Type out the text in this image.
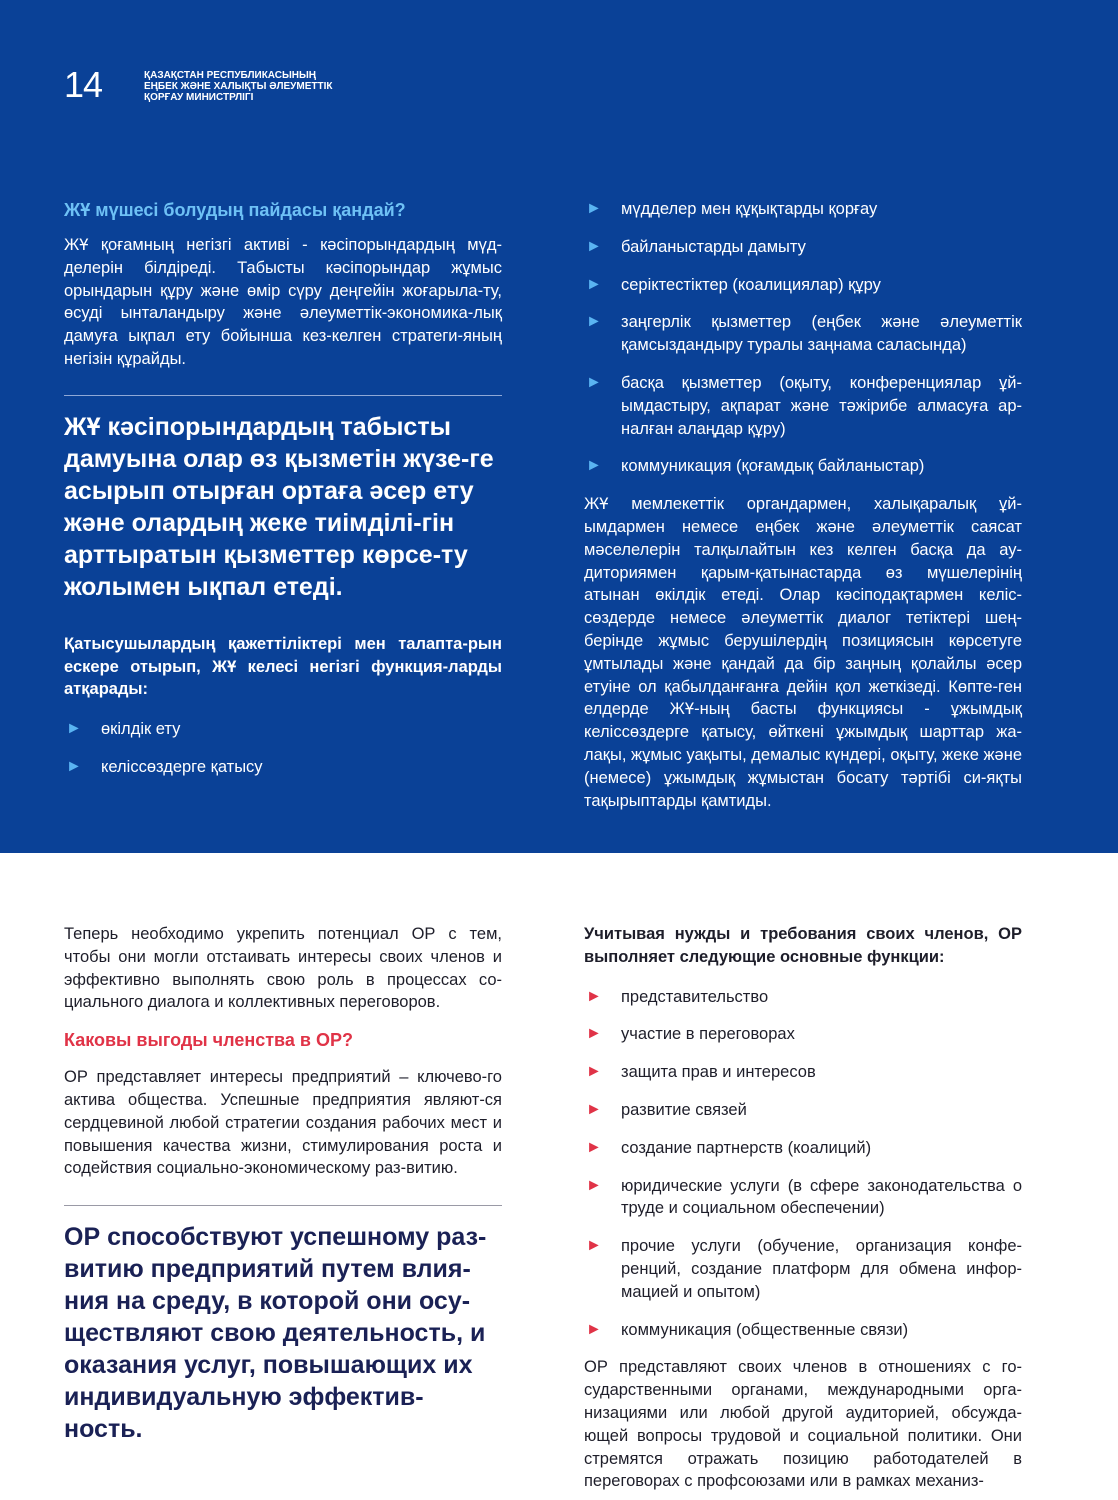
14	ҚАЗАҚСТАН РЕСПУБЛИКАСЫНЫҢ
ЕҢБЕК ЖӘНЕ ХАЛЫҚТЫ ӘЛЕУМЕТТІК
ҚОРҒАУ МИНИСТРЛІГІ
ЖҰ мүшесі болудың пайдасы қандай?

ЖҰ қоғамның негізгі активі - кәсіпорындардың мүд-делерін білдіреді. Табысты кәсіпорындар жұмыс орындарын құру және өмір сүру деңгейін жоғарыла-ту, өсуді ынталандыру және әлеуметтік-экономика-лық дамуға ықпал ету бойынша кез-келген стратеги-яның негізін құрайды.

ЖҰ кәсіпорындардың табысты дамуына олар өз қызметін жүзе-ге асырып отырған ортаға әсер ету және олардың жеке тиімділі-гін арттыратын қызметтер көрсе-ту жолымен ықпал етеді.

Қатысушылардың қажеттіліктері мен талапта-рын ескере отырып, ЖҰ келесі негізгі функция-ларды атқарады:

► өкілдік ету
► келіссөздерге қатысу
► мүдделер мен құқықтарды қорғау
► байланыстарды дамыту
► серіктестіктер (коалициялар) құру
► заңгерлік қызметтер (еңбек және әлеуметтік қамсыздандыру туралы заңнама саласында)
► басқа қызметтер (оқыту, конференциялар ұй-ымдастыру, ақпарат және тәжірибе алмасуға ар-налған алаңдар құру)
► коммуникация (қоғамдық байланыстар)

ЖҰ мемлекеттік органдармен, халықаралық ұй-ымдармен немесе еңбек және әлеуметтік саясат мәселелерін талқылайтын кез келген басқа да ау-диториямен қарым-қатынастарда өз мүшелерінің атынан өкілдік етеді. Олар кәсіподақтармен келіс-сөздерде немесе әлеуметтік диалог тетіктері шең-берінде жұмыс берушілердің позициясын көрсетуге ұмтылады және қандай да бір заңның қолайлы әсер етуіне ол қабылданғанға дейін қол жеткізеді. Көпте-ген елдерде ЖҰ-ның басты функциясы - ұжымдық келіссөздерге қатысу, өйткені ұжымдық шарттар жа-лақы, жұмыс уақыты, демалыс күндері, оқыту, жеке және (немесе) ұжымдық жұмыстан босату тәртібі си-яқты тақырыптарды қамтиды.

Теперь необходимо укрепить потенциал ОР с тем, чтобы они могли отстаивать интересы своих членов и эффективно выполнять свою роль в процессах со-циального диалога и коллективных переговоров.

Каковы выгоды членства в ОР?

ОР представляет интересы предприятий – ключево-го актива общества. Успешные предприятия являют-ся сердцевиной любой стратегии создания рабочих мест и повышения качества жизни, стимулирования роста и содействия социально-экономическому раз-витию.

ОР способствуют успешному раз-витию предприятий путем влия-ния на среду, в которой они осу-ществляют свою деятельность, и оказания услуг, повышающих их индивидуальную эффектив-ность.

Учитывая нужды и требования своих членов, ОР выполняет следующие основные функции:

► представительство
► участие в переговорах
► защита прав и интересов
► развитие связей
► создание партнерств (коалиций)
► юридические услуги (в сфере законодательства о труде и социальном обеспечении)
► прочие услуги (обучение, организация конфе-ренций, создание платформ для обмена инфор-мацией и опытом)
► коммуникация (общественные связи)

ОР представляют своих членов в отношениях с го-сударственными органами, международными орга-низациями или любой другой аудиторией, обсужда-ющей вопросы трудовой и социальной политики. Они стремятся отражать позицию работодателей в переговорах с профсоюзами или в рамках механиз-
